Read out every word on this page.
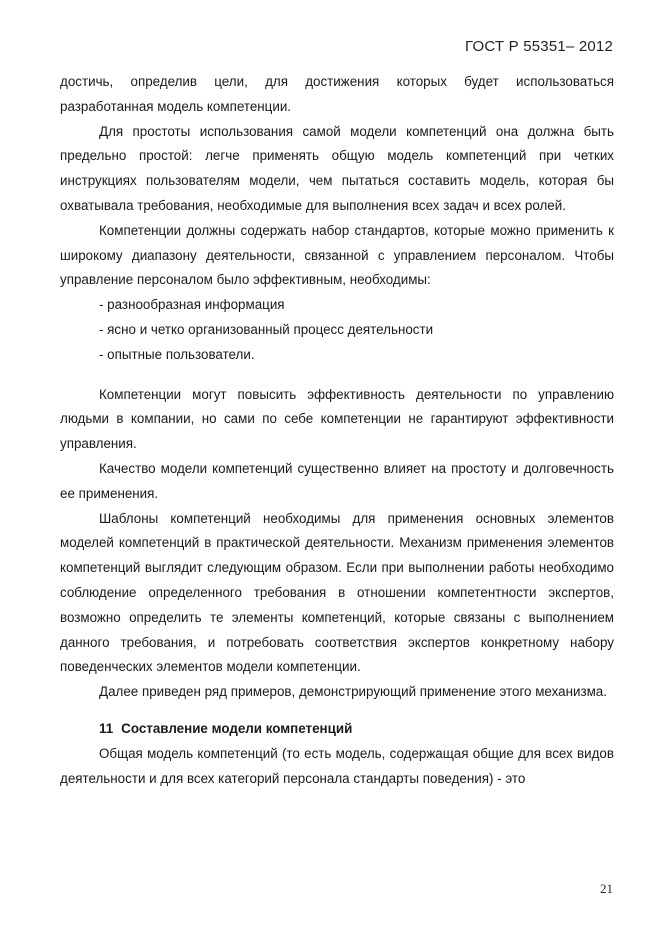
ГОСТ Р 55351– 2012

достичь, определив цели, для достижения которых будет использоваться разработанная модель компетенции.

Для простоты использования самой модели компетенций она должна быть предельно простой: легче применять общую модель компетенций при четких инструкциях пользователям модели, чем пытаться составить модель, которая бы охватывала требования, необходимые для выполнения всех задач и всех ролей.

Компетенции должны содержать набор стандартов, которые можно применить к широкому диапазону деятельности, связанной с управлением персоналом. Чтобы управление персоналом было эффективным, необходимы:

- разнообразная информация

- ясно и четко организованный процесс деятельности

- опытные пользователи.

Компетенции могут повысить эффективность деятельности по управлению людьми в компании, но сами по себе компетенции не гарантируют эффективности управления.

Качество модели компетенций существенно влияет на простоту и долговечность ее применения.

Шаблоны компетенций необходимы для применения основных элементов моделей компетенций в практической деятельности. Механизм применения элементов компетенций выглядит следующим образом. Если при выполнении работы необходимо соблюдение определенного требования в отношении компетентности экспертов, возможно определить те элементы компетенций, которые связаны с выполнением данного требования, и потребовать соответствия экспертов конкретному набору поведенческих элементов модели компетенции.

Далее приведен ряд примеров, демонстрирующий применение этого механизма.

11 Составление модели компетенций

Общая модель компетенций (то есть модель, содержащая общие для всех видов деятельности и для всех категорий персонала стандарты поведения) - это

21
